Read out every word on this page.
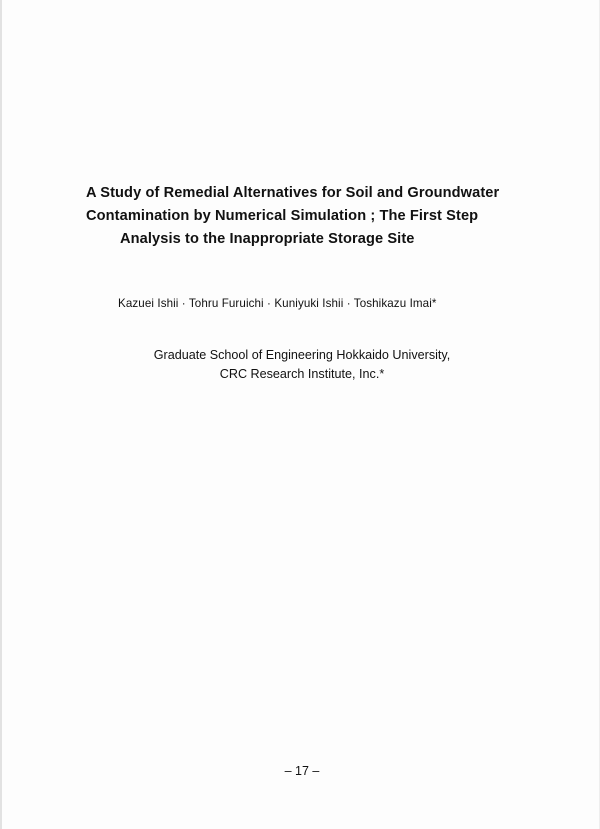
A Study of Remedial Alternatives for Soil and Groundwater
Contamination by Numerical Simulation ; The First Step
Analysis to the Inappropriate Storage Site
Kazuei Ishii · Tohru Furuichi · Kuniyuki Ishii · Toshikazu Imai*
Graduate School of Engineering Hokkaido University,
CRC Research Institute, Inc.*
– 17 –
